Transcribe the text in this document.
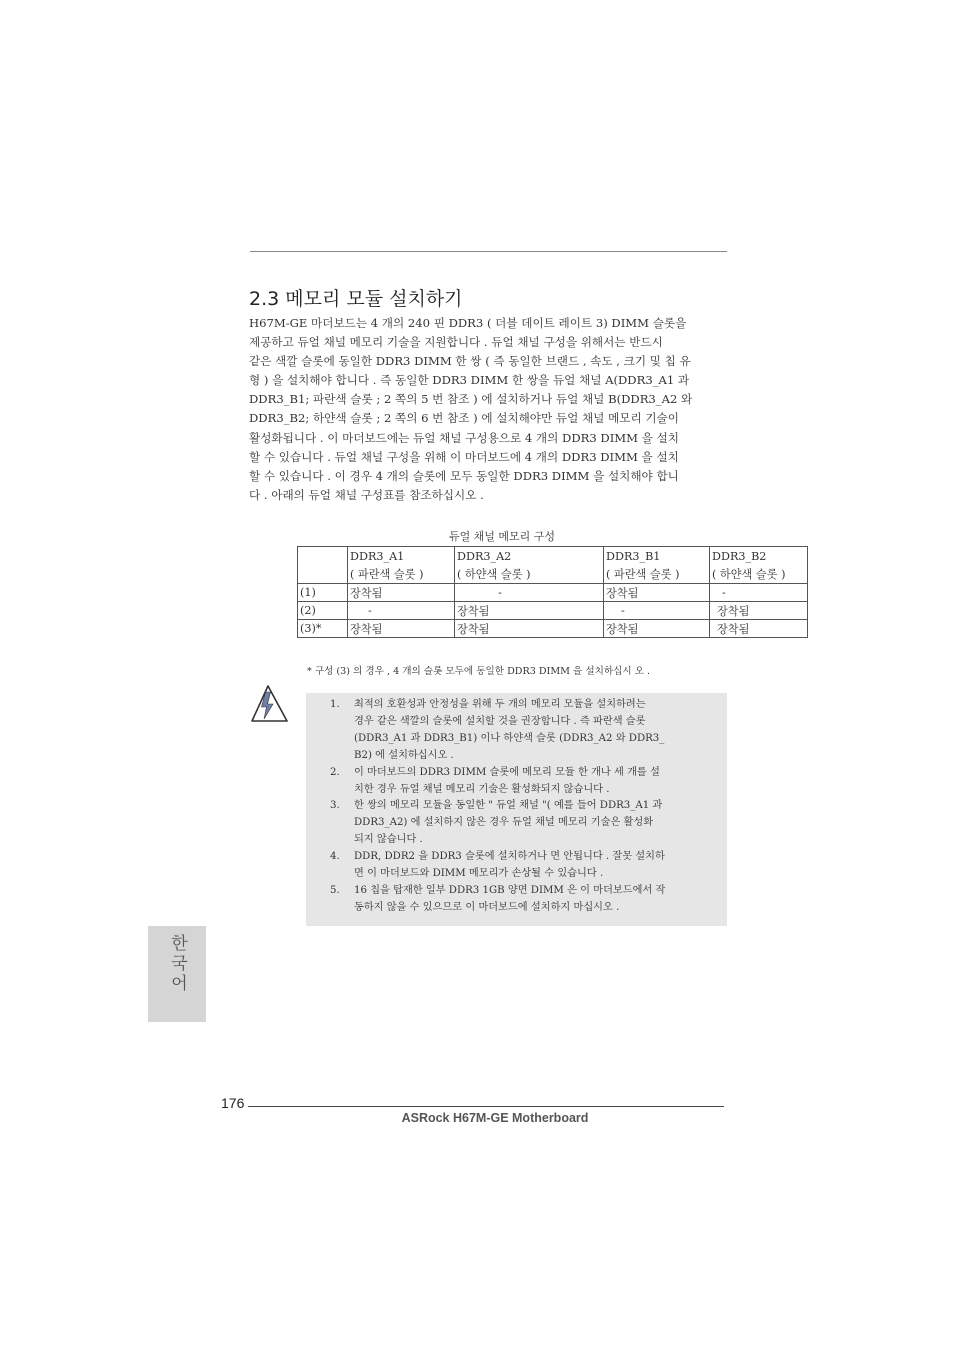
2.3 메모리 모듈 설치하기

H67M-GE 마더보드는 4 개의 240 핀 DDR3 ( 더블 데이트 레이트 3) DIMM 슬롯을

제공하고 듀얼 채널 메모리 기술을 지원합니다 . 듀얼 채널 구성을 위해서는 반드시

같은 색깔 슬롯에 동일한 DDR3 DIMM 한 쌍 ( 즉 동일한 브랜드 , 속도 , 크기 및 칩 유

형 ) 을 설치해야 합니다 . 즉 동일한 DDR3 DIMM 한 쌍을 듀얼 채널 A(DDR3_A1 과

DDR3_B1; 파란색 슬롯 ; 2 쪽의 5 번 참조 ) 에 설치하거나 듀얼 채널 B(DDR3_A2 와

DDR3_B2; 하얀색 슬롯 ; 2 쪽의 6 번 참조 ) 에 설치해야만 듀얼 채널 메모리 기술이

활성화됩니다 . 이 마더보드에는 듀얼 채널 구성용으로 4 개의 DDR3 DIMM 을 설치

할 수 있습니다 . 듀얼 채널 구성을 위해 이 마더보드에 4 개의 DDR3 DIMM 을 설치

할 수 있습니다 . 이 경우 4 개의 슬롯에 모두 동일한 DDR3 DIMM 을 설치해야 합니

다 . 아래의 듀얼 채널 구성표를 참조하십시오 .

듀얼 채널 메모리 구성
	DDR3_A1	DDR3_A2	DDR3_B1	DDR3_B2
	( 파란색 슬롯 )	( 하얀색 슬롯 )	( 파란색 슬롯 )	( 하얀색 슬롯 )
(1)	장착됨	-	장착됨	-
(2)	-	장착됨	-	장착됨
(3)*	장착됨	장착됨	장착됨	장착됨
* 구성 (3) 의 경우 , 4 개의 슬롯 모두에 동일한 DDR3 DIMM 을 설치하십시 오 .
1.	최적의 호환성과 안정성을 위해 두 개의 메모리 모듈을 설치하려는
경우 같은 색깔의 슬롯에 설치할 것을 권장합니다 . 즉 파란색 슬롯
(DDR3_A1 과 DDR3_B1) 이나 하얀색 슬롯 (DDR3_A2 와 DDR3_
B2) 에 설치하십시오 .
2.	이 마더보드의 DDR3 DIMM 슬롯에 메모리 모듈 한 개나 세 개를 설
치한 경우 듀얼 채널 메모리 기술은 활성화되지 않습니다 .
3.	한 쌍의 메모리 모듈을 동일한 " 듀얼 채널 "( 예를 들어 DDR3_A1 과
DDR3_A2) 에 설치하지 않은 경우 듀얼 채널 메모리 기술은 활성화
되지 않습니다 .
4.	DDR, DDR2 을 DDR3 슬롯에 설치하거나 면 안됩니다 . 잘못 설치하
면 이 마더보드와 DIMM 메모리가 손상될 수 있습니다 .
5.	16 칩을 탑재한 일부 DDR3 1GB 양면 DIMM 은 이 마더보드에서 작
동하지 않을 수 있으므로 이 마더보드에 설치하지 마십시오 .
한국어
176
ASRock H67M-GE Motherboard
